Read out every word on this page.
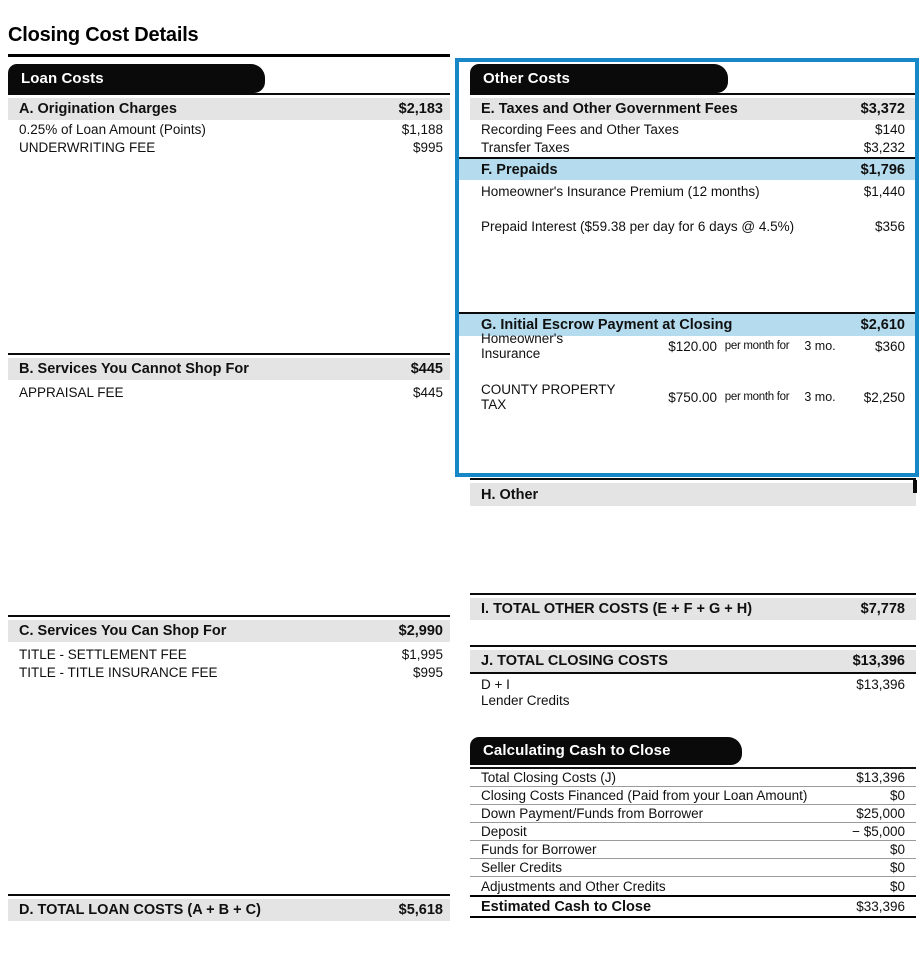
Closing Cost Details
Loan Costs
A. Origination Charges	$2,183
0.25% of Loan Amount (Points)	$1,188
UNDERWRITING FEE	$995
B. Services You Cannot Shop For	$445
APPRAISAL FEE	$445
C. Services You Can Shop For	$2,990
TITLE - SETTLEMENT FEE	$1,995
TITLE - TITLE INSURANCE FEE	$995
D. TOTAL LOAN COSTS (A + B + C)	$5,618
Other Costs
E. Taxes and Other Government Fees	$3,372
Recording Fees and Other Taxes	$140
Transfer Taxes	$3,232
F. Prepaids	$1,796
Homeowner's Insurance Premium (12 months)	$1,440
Prepaid Interest ($59.38 per day for 6 days @ 4.5%)	$356
G. Initial Escrow Payment at Closing	$2,610
Homeowner's Insurance	$120.00 per month for	3 mo.	$360
COUNTY PROPERTY TAX	$750.00 per month for	3 mo.	$2,250
H. Other
I. TOTAL OTHER COSTS (E + F + G + H)	$7,778
J. TOTAL CLOSING COSTS	$13,396
D + I	$13,396
Lender Credits
Calculating Cash to Close
Total Closing Costs (J)	$13,396
Closing Costs Financed (Paid from your Loan Amount)	$0
Down Payment/Funds from Borrower	$25,000
Deposit	− $5,000
Funds for Borrower	$0
Seller Credits	$0
Adjustments and Other Credits	$0
Estimated Cash to Close	$33,396
